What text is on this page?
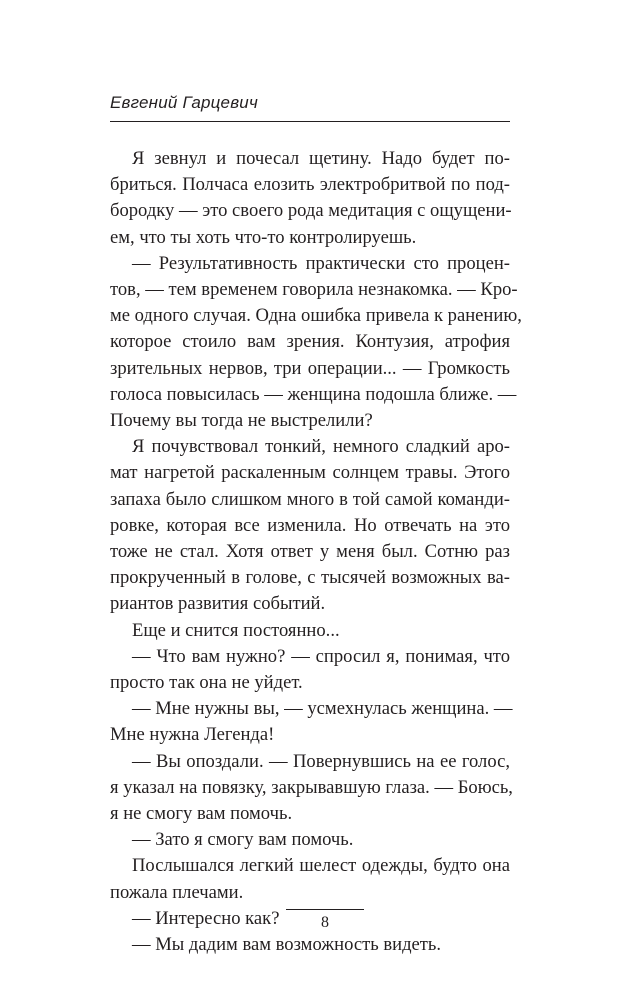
Евгений Гарцевич
Я зевнул и почесал щетину. Надо будет по-
бриться. Полчаса елозить электробритвой по под-
бородку — это своего рода медитация с ощущени-
ем, что ты хоть что-то контролируешь.
— Результативность практически сто процен-
тов, — тем временем говорила незнакомка. — Кро-
ме одного случая. Одна ошибка привела к ранению,
которое стоило вам зрения. Контузия, атрофия
зрительных нервов, три операции... — Громкость
голоса повысилась — женщина подошла ближе. —
Почему вы тогда не выстрелили?
Я почувствовал тонкий, немного сладкий аро-
мат нагретой раскаленным солнцем травы. Этого
запаха было слишком много в той самой команди-
ровке, которая все изменила. Но отвечать на это
тоже не стал. Хотя ответ у меня был. Сотню раз
прокрученный в голове, с тысячей возможных ва-
риантов развития событий.
Еще и снится постоянно...
— Что вам нужно? — спросил я, понимая, что
просто так она не уйдет.
— Мне нужны вы, — усмехнулась женщина. —
Мне нужна Легенда!
— Вы опоздали. — Повернувшись на ее голос,
я указал на повязку, закрывавшую глаза. — Боюсь,
я не смогу вам помочь.
— Зато я смогу вам помочь.
Послышался легкий шелест одежды, будто она
пожала плечами.
— Интересно как?
— Мы дадим вам возможность видеть.
8
